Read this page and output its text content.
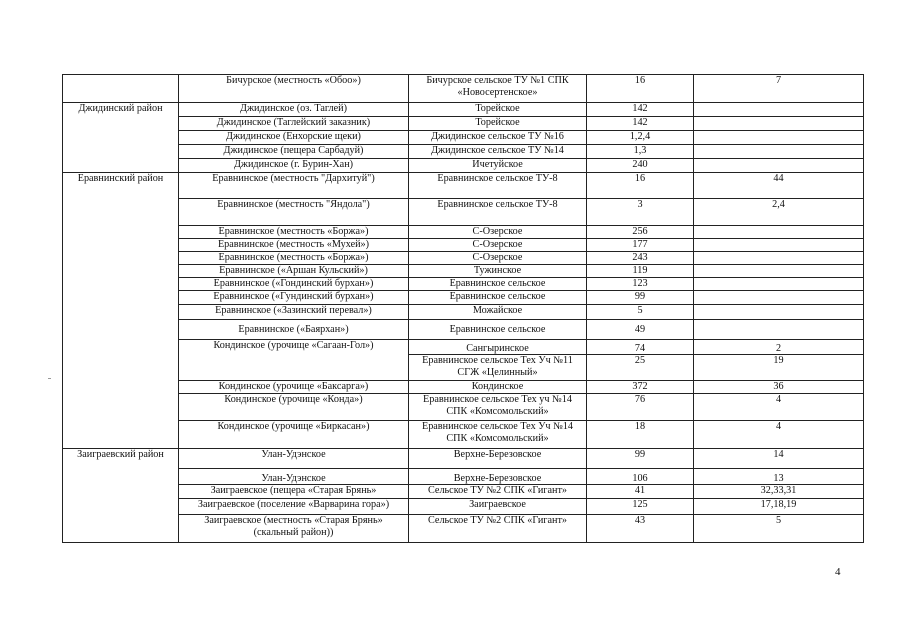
	Бичурское (местность «Обоо»)	Бичурское сельское ТУ №1 СПК «Новосертенское»	16	7
Джидинский район	Джидинское (оз. Таглей)	Торейское	142	
	Джидинское (Таглейский заказник)	Торейское	142	
	Джидинское (Енхорские щеки)	Джидинское сельское ТУ №16	1,2,4	
	Джидинское (пещера Сарбадуй)	Джидинское сельское ТУ №14	1,3	
	Джидинское (г. Бурин-Хан)	Ичетуйское	240	
Еравнинский район	Еравнинское (местность "Дархитуй")	Еравнинское сельское ТУ-8	16	44
	Еравнинское (местность "Яндола")	Еравнинское сельское ТУ-8	3	2,4
	Еравнинское (местность «Боржа»)	С-Озерское	256	
	Еравнинское (местность «Мухей»)	С-Озерское	177	
	Еравнинское (местность «Боржа»)	С-Озерское	243	
	Еравнинское («Аршан Кульский»)	Тужинское	119	
	Еравнинское («Гондинский бурхан»)	Еравнинское сельское	123	
	Еравнинское («Гундинский бурхан»)	Еравнинское сельское	99	
	Еравнинское («Зазинский перевал»)	Можайское	5	
	Еравнинское («Баярхан»)	Еравнинское сельское	49	
	Кондинское (урочище «Сагаан-Гол»)	Сангыринское	74	2
		Еравнинское сельское Тех Уч №11 СГЖ «Целинный»	25	19
	Кондинское (урочище «Баксарга»)	Кондинское	372	36
	Кондинское (урочище «Конда»)	Еравнинское сельское Тех уч №14 СПК «Комсомольский»	76	4
	Кондинское (урочище «Биркасан»)	Еравнинское сельское Тех Уч №14 СПК «Комсомольский»	18	4
Заиграевский район	Улан-Удэнское	Верхне-Березовское	99	14
	Улан-Удэнское	Верхне-Березовское	106	13
	Заиграевское (пещера «Старая Брянь»	Сельское ТУ №2 СПК «Гигант»	41	32,33,31
	Заиграевское (поселение «Варварина гора»)	Заиграевское	125	17,18,19
	Заиграевское (местность «Старая Брянь» (скальный район))	Сельское ТУ №2 СПК «Гигант»	43	5
4
